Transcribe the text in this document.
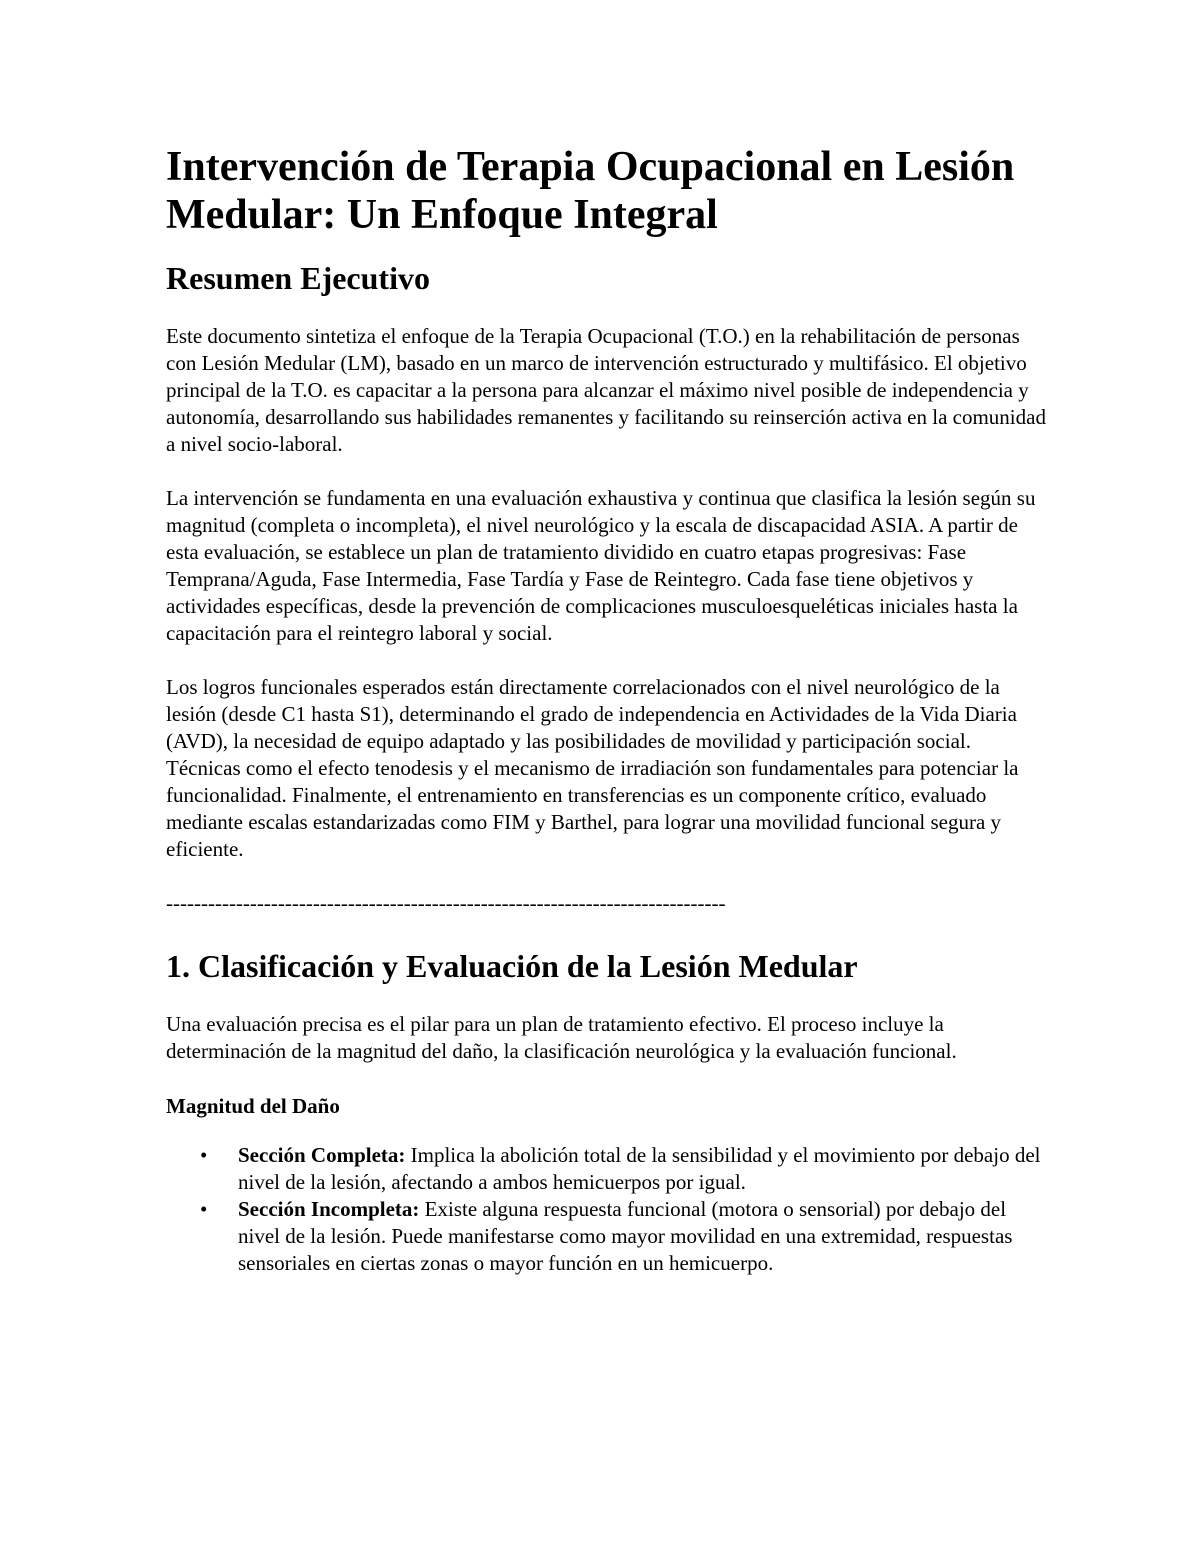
Intervención de Terapia Ocupacional en Lesión Medular: Un Enfoque Integral
Resumen Ejecutivo

Este documento sintetiza el enfoque de la Terapia Ocupacional (T.O.) en la rehabilitación de personas con Lesión Medular (LM), basado en un marco de intervención estructurado y multifásico. El objetivo principal de la T.O. es capacitar a la persona para alcanzar el máximo nivel posible de independencia y autonomía, desarrollando sus habilidades remanentes y facilitando su reinserción activa en la comunidad a nivel socio-laboral.

La intervención se fundamenta en una evaluación exhaustiva y continua que clasifica la lesión según su magnitud (completa o incompleta), el nivel neurológico y la escala de discapacidad ASIA. A partir de esta evaluación, se establece un plan de tratamiento dividido en cuatro etapas progresivas: Fase Temprana/Aguda, Fase Intermedia, Fase Tardía y Fase de Reintegro. Cada fase tiene objetivos y actividades específicas, desde la prevención de complicaciones musculoesqueléticas iniciales hasta la capacitación para el reintegro laboral y social.

Los logros funcionales esperados están directamente correlacionados con el nivel neurológico de la lesión (desde C1 hasta S1), determinando el grado de independencia en Actividades de la Vida Diaria (AVD), la necesidad de equipo adaptado y las posibilidades de movilidad y participación social. Técnicas como el efecto tenodesis y el mecanismo de irradiación son fundamentales para potenciar la funcionalidad. Finalmente, el entrenamiento en transferencias es un componente crítico, evaluado mediante escalas estandarizadas como FIM y Barthel, para lograr una movilidad funcional segura y eficiente.

--------------------------------------------------------------------------------
1. Clasificación y Evaluación de la Lesión Medular

Una evaluación precisa es el pilar para un plan de tratamiento efectivo. El proceso incluye la determinación de la magnitud del daño, la clasificación neurológica y la evaluación funcional.

Magnitud del Daño
• Sección Completa: Implica la abolición total de la sensibilidad y el movimiento por debajo del nivel de la lesión, afectando a ambos hemicuerpos por igual.
• Sección Incompleta: Existe alguna respuesta funcional (motora o sensorial) por debajo del nivel de la lesión. Puede manifestarse como mayor movilidad en una extremidad, respuestas sensoriales en ciertas zonas o mayor función en un hemicuerpo.
